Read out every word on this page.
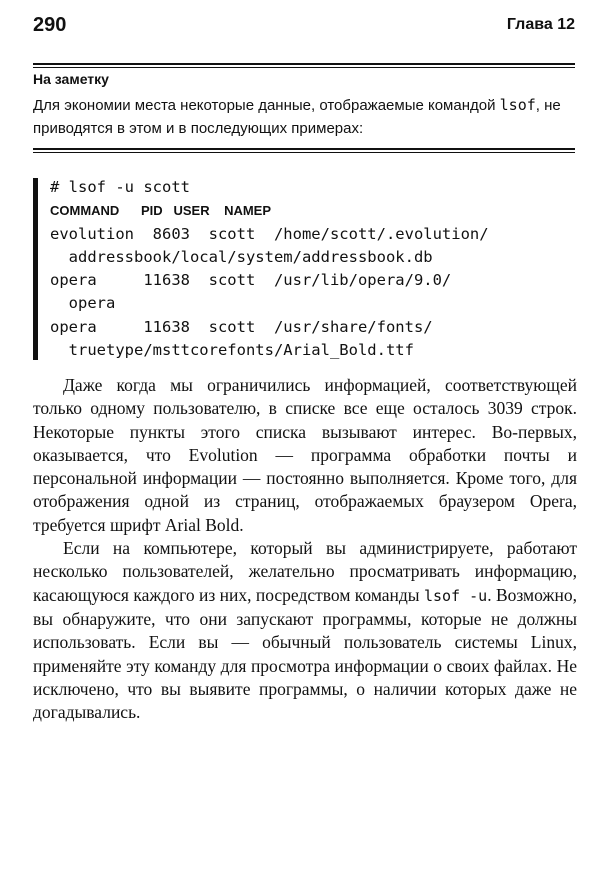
290	Глава 12
На заметку
Для экономии места некоторые данные, отображаемые командой lsof, не приводятся в этом и в последующих примерах:
# lsof -u scott
COMMAND      PID   USER    NAMEP
evolution  8603  scott  /home/scott/.evolution/
addressbook/local/system/addressbook.db
opera     11638  scott  /usr/lib/opera/9.0/
opera
opera     11638  scott  /usr/share/fonts/
truetype/msttcorefonts/Arial_Bold.ttf

Даже когда мы ограничились информацией, соответствующей только одному пользователю, в списке все еще осталось 3039 строк. Некоторые пункты этого списка вызывают интерес. Во-первых, оказывается, что Evolution — программа обработки почты и персональной информации — постоянно выполняется. Кроме того, для отображения одной из страниц, отображаемых браузером Opera, требуется шрифт Arial Bold.

Если на компьютере, который вы администрируете, работают несколько пользователей, желательно просматривать информацию, касающуюся каждого из них, посредством команды lsof -u. Возможно, вы обнаружите, что они запускают программы, которые не должны использовать. Если вы — обычный пользователь системы Linux, применяйте эту команду для просмотра информации о своих файлах. Не исключено, что вы выявите программы, о наличии которых даже не догадывались.
